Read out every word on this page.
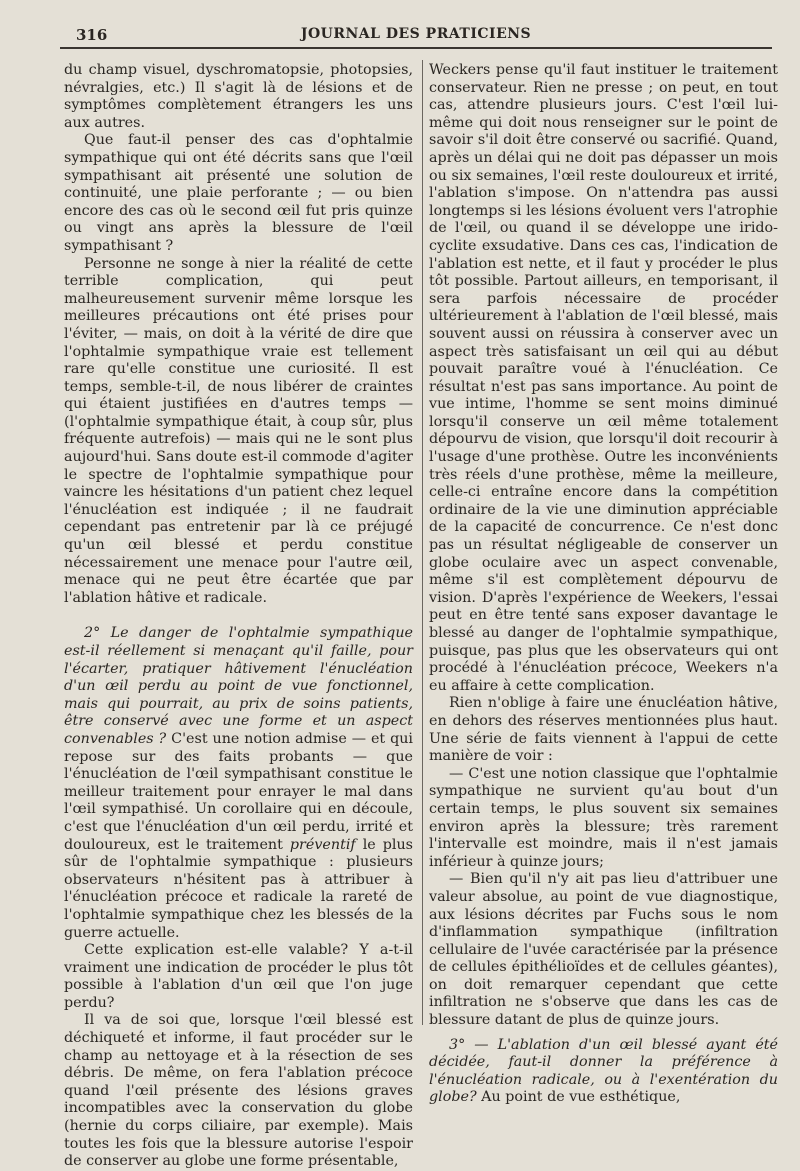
316	JOURNAL DES PRATICIENS

du champ visuel, dyschromatopsie, photopsies, névralgies, etc.) Il s'agit là de lésions et de symptômes complètement étrangers les uns aux autres.

Que faut-il penser des cas d'ophtalmie sympathique qui ont été décrits sans que l'œil sympathisant ait présenté une solution de continuité, une plaie perforante ; — ou bien encore des cas où le second œil fut pris quinze ou vingt ans après la blessure de l'œil sympathisant ?

Personne ne songe à nier la réalité de cette terrible complication, qui peut malheureusement survenir même lorsque les meilleures précautions ont été prises pour l'éviter, — mais, on doit à la vérité de dire que l'ophtalmie sympathique vraie est tellement rare qu'elle constitue une curiosité. Il est temps, semble-t-il, de nous libérer de craintes qui étaient justifiées en d'autres temps — (l'ophtalmie sympathique était, à coup sûr, plus fréquente autrefois) — mais qui ne le sont plus aujourd'hui. Sans doute est-il commode d'agiter le spectre de l'ophtalmie sympathique pour vaincre les hésitations d'un patient chez lequel l'énucléation est indiquée ; il ne faudrait cependant pas entretenir par là ce préjugé qu'un œil blessé et perdu constitue nécessairement une menace pour l'autre œil, menace qui ne peut être écartée que par l'ablation hâtive et radicale.

2° Le danger de l'ophtalmie sympathique est-il réellement si menaçant qu'il faille, pour l'écarter, pratiquer hâtivement l'énucléation d'un œil perdu au point de vue fonctionnel, mais qui pourrait, au prix de soins patients, être conservé avec une forme et un aspect convenables ? C'est une notion admise — et qui repose sur des faits probants — que l'énucléation de l'œil sympathisant constitue le meilleur traitement pour enrayer le mal dans l'œil sympathisé. Un corollaire qui en découle, c'est que l'énucléation d'un œil perdu, irrité et douloureux, est le traitement préventif le plus sûr de l'ophtalmie sympathique : plusieurs observateurs n'hésitent pas à attribuer à l'énucléation précoce et radicale la rareté de l'ophtalmie sympathique chez les blessés de la guerre actuelle.

Cette explication est-elle valable? Y a-t-il vraiment une indication de procéder le plus tôt possible à l'ablation d'un œil que l'on juge perdu?

Il va de soi que, lorsque l'œil blessé est déchiqueté et informe, il faut procéder sur le champ au nettoyage et à la résection de ses débris. De même, on fera l'ablation précoce quand l'œil présente des lésions graves incompatibles avec la conservation du globe (hernie du corps ciliaire, par exemple). Mais toutes les fois que la blessure autorise l'espoir de conserver au globe une forme présentable,

Weckers pense qu'il faut instituer le traitement conservateur. Rien ne presse ; on peut, en tout cas, attendre plusieurs jours. C'est l'œil lui-même qui doit nous renseigner sur le point de savoir s'il doit être conservé ou sacrifié. Quand, après un délai qui ne doit pas dépasser un mois ou six semaines, l'œil reste douloureux et irrité, l'ablation s'impose. On n'attendra pas aussi longtemps si les lésions évoluent vers l'atrophie de l'œil, ou quand il se développe une irido-cyclite exsudative. Dans ces cas, l'indication de l'ablation est nette, et il faut y procéder le plus tôt possible. Partout ailleurs, en temporisant, il sera parfois nécessaire de procéder ultérieurement à l'ablation de l'œil blessé, mais souvent aussi on réussira à conserver avec un aspect très satisfaisant un œil qui au début pouvait paraître voué à l'énucléation. Ce résultat n'est pas sans importance. Au point de vue intime, l'homme se sent moins diminué lorsqu'il conserve un œil même totalement dépourvu de vision, que lorsqu'il doit recourir à l'usage d'une prothèse. Outre les inconvénients très réels d'une prothèse, même la meilleure, celle-ci entraîne encore dans la compétition ordinaire de la vie une diminution appréciable de la capacité de concurrence. Ce n'est donc pas un résultat négligeable de conserver un globe oculaire avec un aspect convenable, même s'il est complètement dépourvu de vision. D'après l'expérience de Weekers, l'essai peut en être tenté sans exposer davantage le blessé au danger de l'ophtalmie sympathique, puisque, pas plus que les observateurs qui ont procédé à l'énucléation précoce, Weekers n'a eu affaire à cette complication.

Rien n'oblige à faire une énucléation hâtive, en dehors des réserves mentionnées plus haut. Une série de faits viennent à l'appui de cette manière de voir :

— C'est une notion classique que l'ophtalmie sympathique ne survient qu'au bout d'un certain temps, le plus souvent six semaines environ après la blessure; très rarement l'intervalle est moindre, mais il n'est jamais inférieur à quinze jours;

— Bien qu'il n'y ait pas lieu d'attribuer une valeur absolue, au point de vue diagnostique, aux lésions décrites par Fuchs sous le nom d'inflammation sympathique (infiltration cellulaire de l'uvée caractérisée par la présence de cellules épithélioïdes et de cellules géantes), on doit remarquer cependant que cette infiltration ne s'observe que dans les cas de blessure datant de plus de quinze jours.

3° — L'ablation d'un œil blessé ayant été décidée, faut-il donner la préférence à l'énucléation radicale, ou à l'exentération du globe? Au point de vue esthétique,
